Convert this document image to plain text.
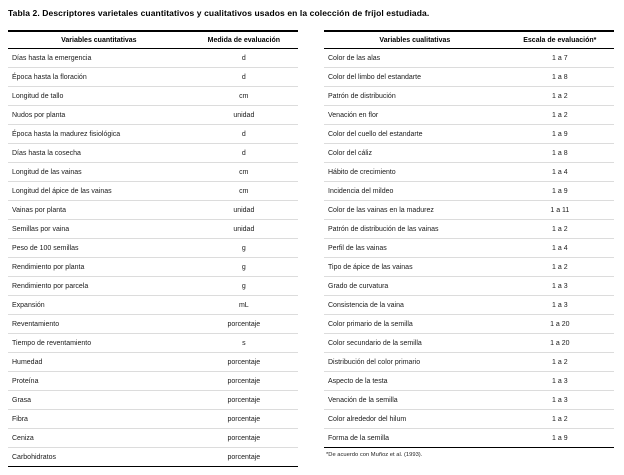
Tabla 2. Descriptores varietales cuantitativos y cualitativos usados en la colección de fríjol estudiada.

Variables cuantitativas	Medida de evaluación
Días hasta la emergencia	d
Época hasta la floración	d
Longitud de tallo	cm
Nudos por planta	unidad
Época hasta la madurez fisiológica	d
Días hasta la cosecha	d
Longitud de las vainas	cm
Longitud del ápice de las vainas	cm
Vainas por planta	unidad
Semillas por vaina	unidad
Peso de 100 semillas	g
Rendimiento por planta	g
Rendimiento por parcela	g
Expansión	mL
Reventamiento	porcentaje
Tiempo de reventamiento	s
Humedad	porcentaje
Proteína	porcentaje
Grasa	porcentaje
Fibra	porcentaje
Ceniza	porcentaje
Carbohidratos	porcentaje
Variables cualitativas	Escala de evaluación*
Color de las alas	1 a 7
Color del limbo del estandarte	1 a 8
Patrón de distribución	1 a 2
Venación en flor	1 a 2
Color del cuello del estandarte	1 a 9
Color del cáliz	1 a 8
Hábito de crecimiento	1 a 4
Incidencia del mildeo	1 a 9
Color de las vainas en la madurez	1 a 11
Patrón de distribución de las vainas	1 a 2
Perfil de las vainas	1 a 4
Tipo de ápice de las vainas	1 a 2
Grado de curvatura	1 a 3
Consistencia de la vaina	1 a 3
Color primario de la semilla	1 a 20
Color secundario de la semilla	1 a 20
Distribución del color primario	1 a 2
Aspecto de la testa	1 a 3
Venación de la semilla	1 a 3
Color alrededor del hilum	1 a 2
Forma de la semilla	1 a 9
*De acuerdo con Muñoz et al. (1993).
